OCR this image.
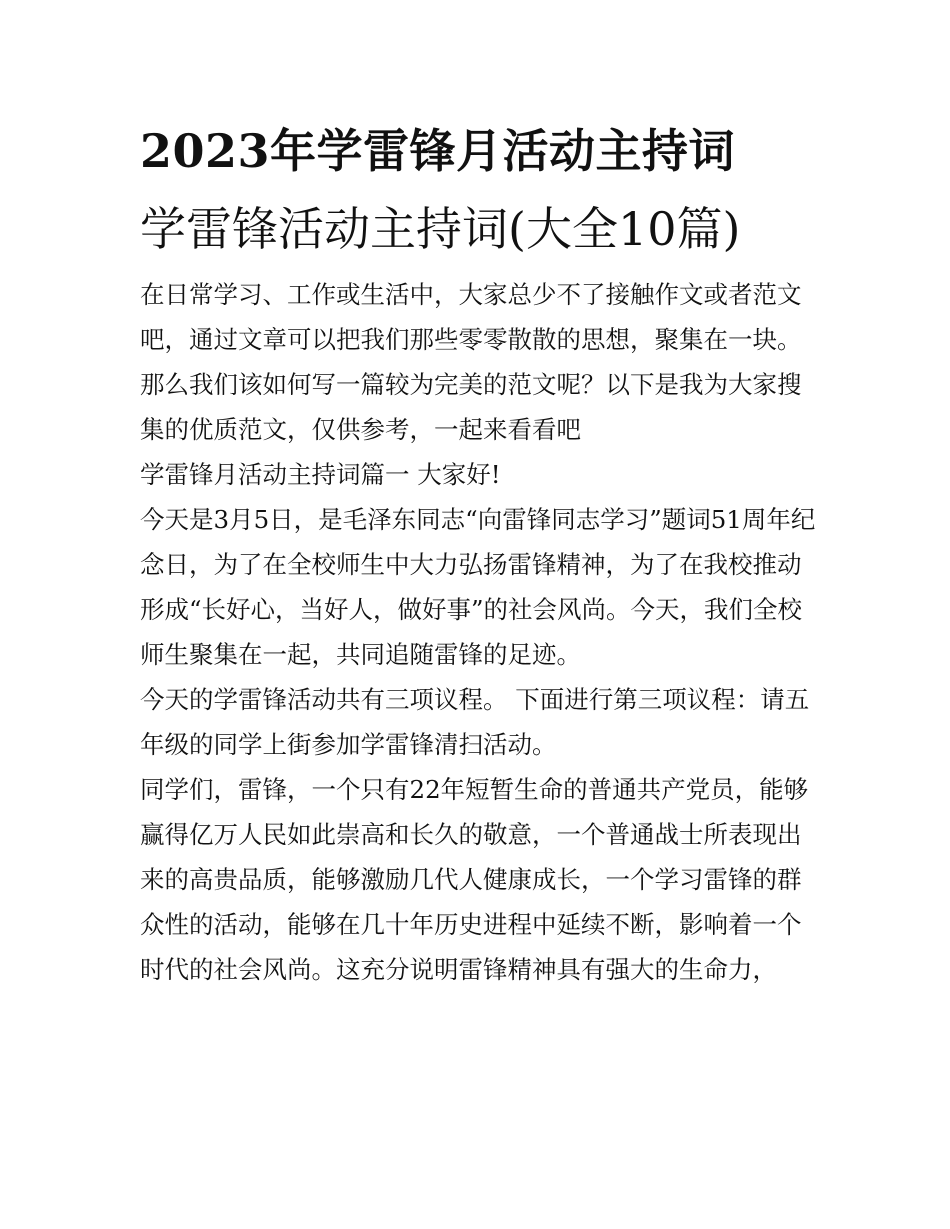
2023年学雷锋月活动主持词
学雷锋活动主持词(大全10篇)

在日常学习、工作或生活中，大家总少不了接触作文或者范文吧，通过文章可以把我们那些零零散散的思想，聚集在一块。那么我们该如何写一篇较为完美的范文呢？以下是我为大家搜集的优质范文，仅供参考，一起来看看吧

学雷锋月活动主持词篇一 大家好!

今天是3月5日，是毛泽东同志“向雷锋同志学习”题词51周年纪念日，为了在全校师生中大力弘扬雷锋精神，为了在我校推动形成“长好心，当好人，做好事”的社会风尚。今天，我们全校师生聚集在一起，共同追随雷锋的足迹。

今天的学雷锋活动共有三项议程。 下面进行第三项议程：请五年级的同学上街参加学雷锋清扫活动。

同学们，雷锋，一个只有22年短暂生命的普通共产党员，能够赢得亿万人民如此崇高和长久的敬意，一个普通战士所表现出来的高贵品质，能够激励几代人健康成长，一个学习雷锋的群众性的活动，能够在几十年历史进程中延续不断，影响着一个时代的社会风尚。这充分说明雷锋精神具有强大的生命力，
